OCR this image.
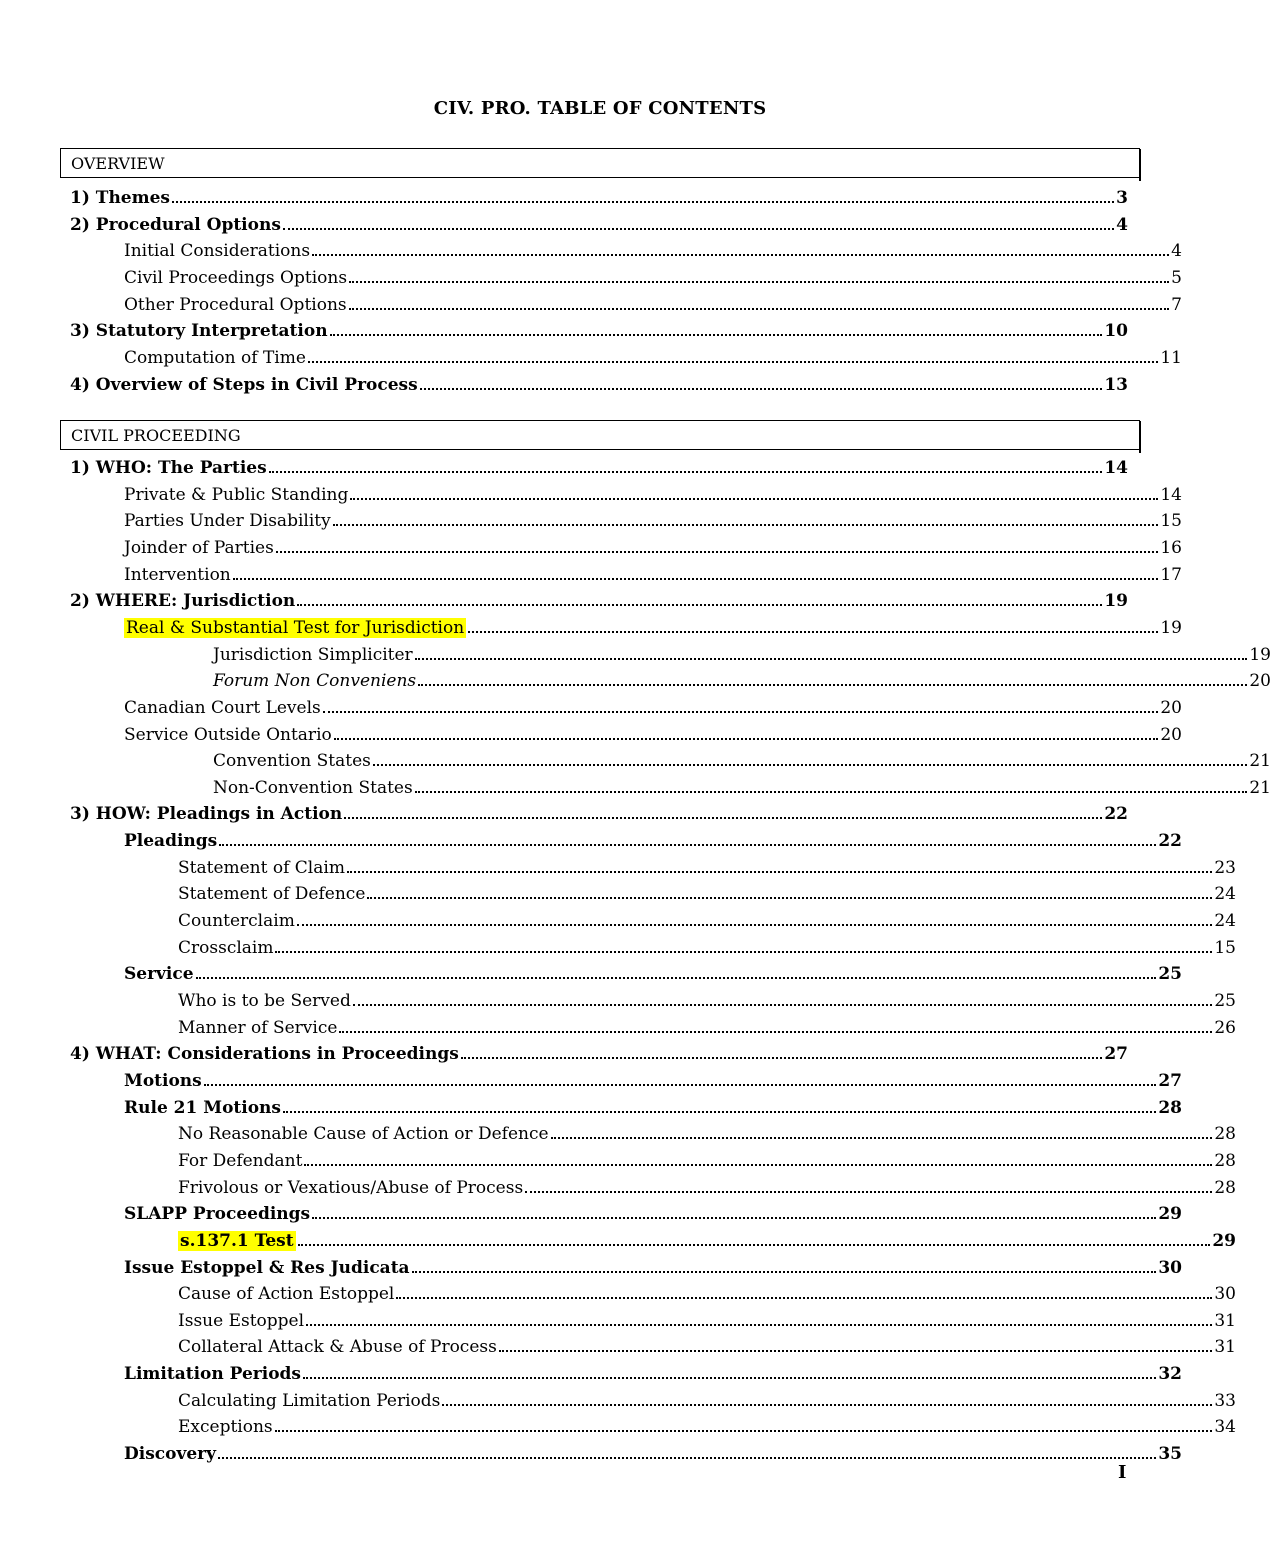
CIV. PRO. TABLE OF CONTENTS
OVERVIEW
1) Themes	3
2) Procedural Options	4
Initial Considerations	4
Civil Proceedings Options	5
Other Procedural Options	7
3) Statutory Interpretation	10
Computation of Time	11
4) Overview of Steps in Civil Process	13
CIVIL PROCEEDING
1) WHO: The Parties	14
Private & Public Standing	14
Parties Under Disability	15
Joinder of Parties	16
Intervention	17
2) WHERE: Jurisdiction	19
Real & Substantial Test for Jurisdiction	19
Jurisdiction Simpliciter	19
Forum Non Conveniens	20
Canadian Court Levels	20
Service Outside Ontario	20
Convention States	21
Non-Convention States	21
3) HOW: Pleadings in Action	22
Pleadings	22
Statement of Claim	23
Statement of Defence	24
Counterclaim	24
Crossclaim	15
Service	25
Who is to be Served	25
Manner of Service	26
4) WHAT: Considerations in Proceedings	27
Motions	27
Rule 21 Motions	28
No Reasonable Cause of Action or Defence	28
For Defendant	28
Frivolous or Vexatious/Abuse of Process	28
SLAPP Proceedings	29
s.137.1 Test	29
Issue Estoppel & Res Judicata	30
Cause of Action Estoppel	30
Issue Estoppel	31
Collateral Attack & Abuse of Process	31
Limitation Periods	32
Calculating Limitation Periods	33
Exceptions	34
Discovery	35
I
